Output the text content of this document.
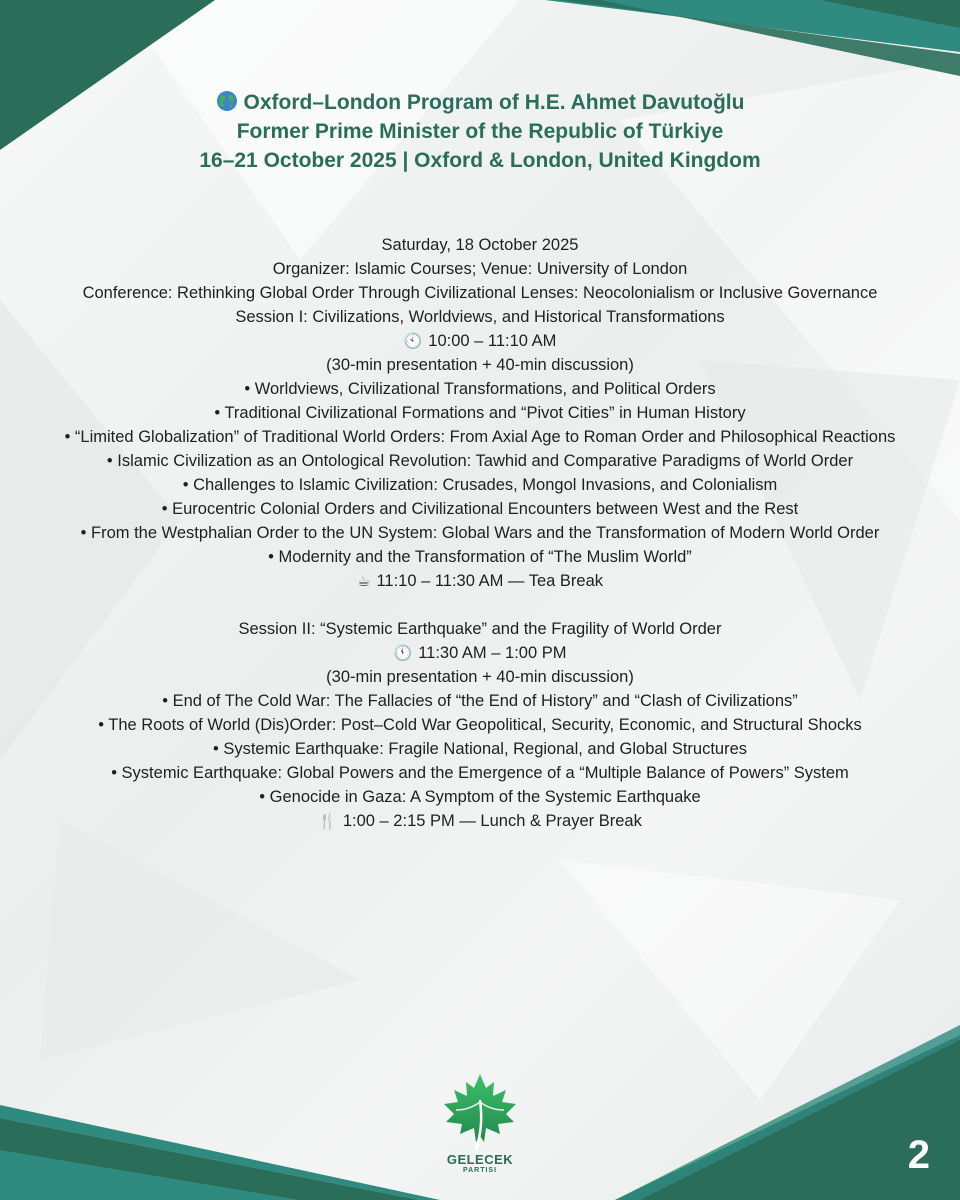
Oxford–London Program of H.E. Ahmet Davutoğlu
Former Prime Minister of the Republic of Türkiye
16–21 October 2025 | Oxford & London, United Kingdom
Saturday, 18 October 2025
Organizer: Islamic Courses; Venue: University of London
Conference: Rethinking Global Order Through Civilizational Lenses: Neocolonialism or Inclusive Governance
Session I: Civilizations, Worldviews, and Historical Transformations
🕙 10:00 – 11:10 AM
(30-min presentation + 40-min discussion)
• Worldviews, Civilizational Transformations, and Political Orders
• Traditional Civilizational Formations and “Pivot Cities” in Human History
• “Limited Globalization” of Traditional World Orders: From Axial Age to Roman Order and Philosophical Reactions
• Islamic Civilization as an Ontological Revolution: Tawhid and Comparative Paradigms of World Order
• Challenges to Islamic Civilization: Crusades, Mongol Invasions, and Colonialism
• Eurocentric Colonial Orders and Civilizational Encounters between West and the Rest
• From the Westphalian Order to the UN System: Global Wars and the Transformation of Modern World Order
• Modernity and the Transformation of “The Muslim World”
☕ 11:10 – 11:30 AM — Tea Break
Session II: “Systemic Earthquake” and the Fragility of World Order
🕚 11:30 AM – 1:00 PM
(30-min presentation + 40-min discussion)
• End of The Cold War: The Fallacies of “the End of History” and “Clash of Civilizations”
• The Roots of World (Dis)Order: Post–Cold War Geopolitical, Security, Economic, and Structural Shocks
• Systemic Earthquake: Fragile National, Regional, and Global Structures
• Systemic Earthquake: Global Powers and the Emergence of a “Multiple Balance of Powers” System
• Genocide in Gaza: A Symptom of the Systemic Earthquake
🍴 1:00 – 2:15 PM — Lunch & Prayer Break
GELECEK
PARTISI	2
